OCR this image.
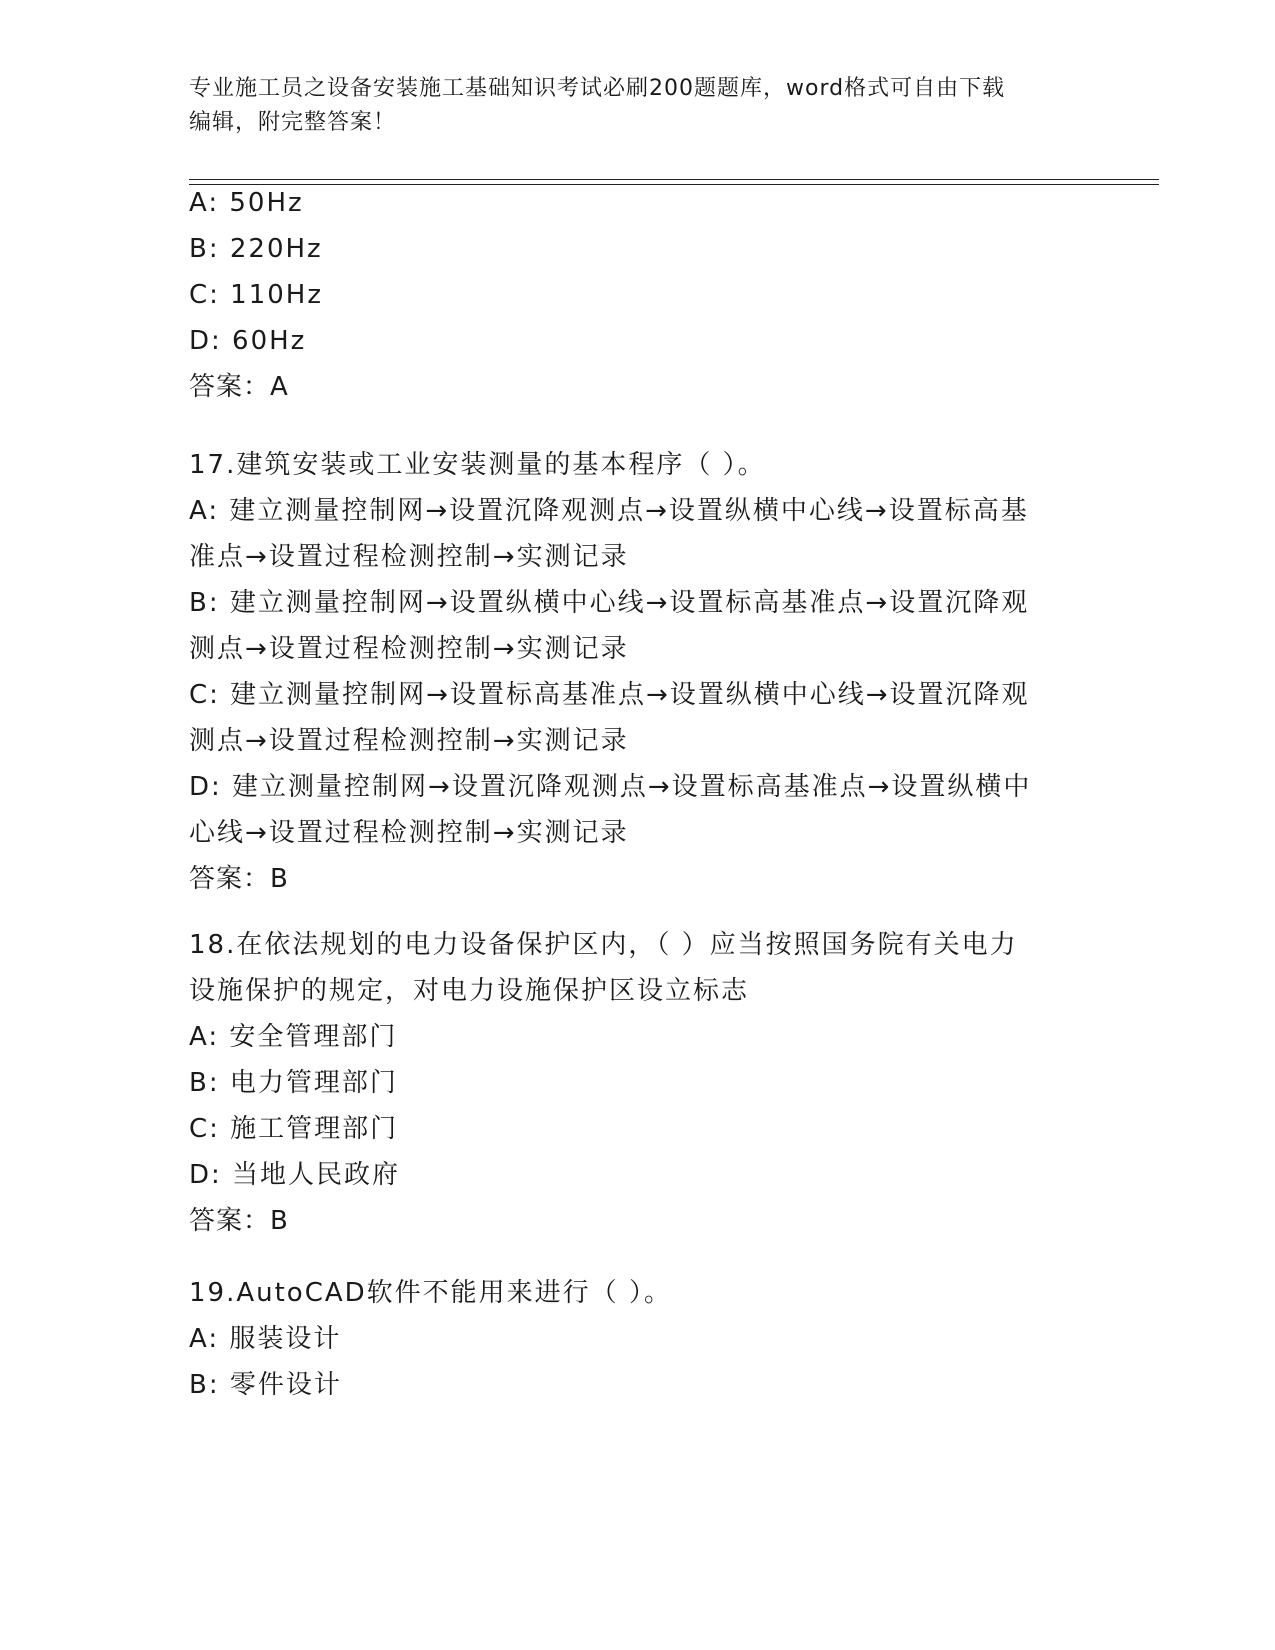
专业施工员之设备安装施工基础知识考试必刷200题题库，word格式可自由下载
编辑，附完整答案！
A: 50Hz
B: 220Hz
C: 110Hz
D: 60Hz
答案：A
17.建筑安装或工业安装测量的基本程序（ ）。
A: 建立测量控制网→设置沉降观测点→设置纵横中心线→设置标高基
准点→设置过程检测控制→实测记录
B: 建立测量控制网→设置纵横中心线→设置标高基准点→设置沉降观
测点→设置过程检测控制→实测记录
C: 建立测量控制网→设置标高基准点→设置纵横中心线→设置沉降观
测点→设置过程检测控制→实测记录
D: 建立测量控制网→设置沉降观测点→设置标高基准点→设置纵横中
心线→设置过程检测控制→实测记录
答案：B
18.在依法规划的电力设备保护区内，（ ）应当按照国务院有关电力
设施保护的规定，对电力设施保护区设立标志
A: 安全管理部门
B: 电力管理部门
C: 施工管理部门
D: 当地人民政府
答案：B
19.AutoCAD软件不能用来进行（ ）。
A: 服装设计
B: 零件设计
